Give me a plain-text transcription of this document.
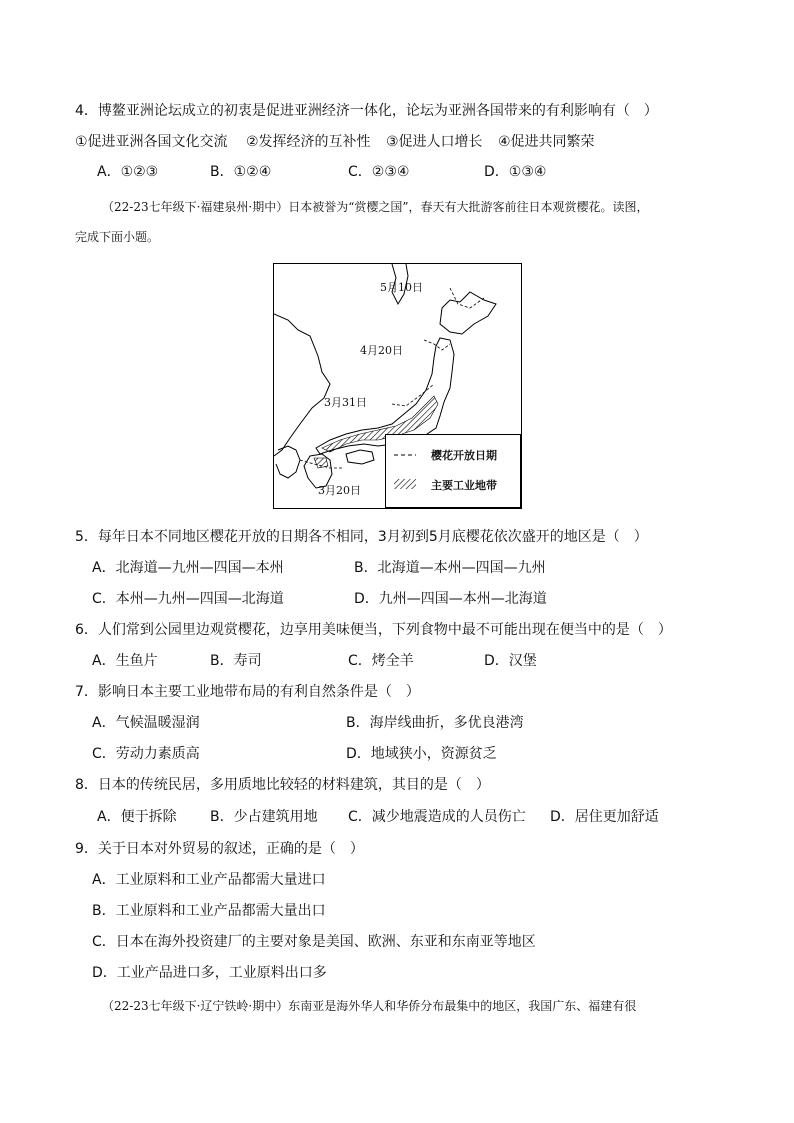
4．博鳌亚洲论坛成立的初衷是促进亚洲经济一体化，论坛为亚洲各国带来的有利影响有（　）
①促进亚洲各国文化交流 ②发挥经济的互补性 ③促进人口增长 ④促进共同繁荣
A．①②③	B．①②④	C．②③④	D．①③④
（22-23七年级下·福建泉州·期中）日本被誉为“赏樱之国”，春天有大批游客前往日本观赏樱花。读图，
完成下面小题。
5月10日
4月20日
3月31日
3月20日
樱花开放日期
主要工业地带
5．每年日本不同地区樱花开放的日期各不相同，3月初到5月底樱花依次盛开的地区是（　）
A．北海道—九州—四国—本州	B．北海道—本州—四国—九州
C．本州—九州—四国—北海道	D．九州—四国—本州—北海道
6．人们常到公园里边观赏樱花，边享用美味便当，下列食物中最不可能出现在便当中的是（　）
A．生鱼片	B．寿司	C．烤全羊	D．汉堡
7．影响日本主要工业地带布局的有利自然条件是（　）
A．气候温暖湿润	B．海岸线曲折，多优良港湾
C．劳动力素质高	D．地域狭小，资源贫乏
8．日本的传统民居，多用质地比较轻的材料建筑，其目的是（　）
A．便于拆除 B．少占建筑用地 C．减少地震造成的人员伤亡 D．居住更加舒适
9．关于日本对外贸易的叙述，正确的是（　）
A．工业原料和工业产品都需大量进口
B．工业原料和工业产品都需大量出口
C．日本在海外投资建厂的主要对象是美国、欧洲、东亚和东南亚等地区
D．工业产品进口多，工业原料出口多
（22-23七年级下·辽宁铁岭·期中）东南亚是海外华人和华侨分布最集中的地区，我国广东、福建有很
